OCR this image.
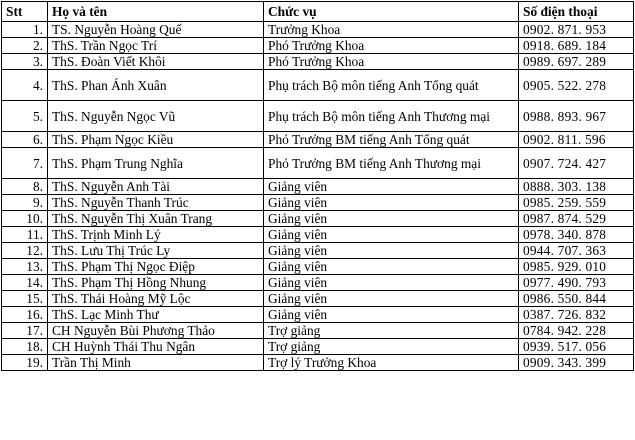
Stt	Họ và tên	Chức vụ	Số điện thoại
1.	TS. Nguyễn Hoàng Quế	Trưởng Khoa	0902. 871. 953
2.	ThS. Trần Ngọc Trí	Phó Trưởng Khoa	0918. 689. 184
3.	ThS. Đoàn Viết Khôi	Phó Trưởng Khoa	0989. 697. 289
4.	ThS. Phan Ánh Xuân	Phụ trách Bộ môn tiếng Anh Tổng quát	0905. 522. 278
5.	ThS. Nguyễn Ngọc Vũ	Phụ trách Bộ môn tiếng Anh Thương mại	0988. 893. 967
6.	ThS. Phạm Ngọc Kiều	Phó Trưởng BM tiếng Anh Tổng quát	0902. 811. 596
7.	ThS. Phạm Trung Nghĩa	Phó Trưởng BM tiếng Anh Thương mại	0907. 724. 427
8.	ThS. Nguyễn Anh Tài	Giảng viên	0888. 303. 138
9.	ThS. Nguyễn Thanh Trúc	Giảng viên	0985. 259. 559
10.	ThS. Nguyễn Thị Xuân Trang	Giảng viên	0987. 874. 529
11.	ThS. Trịnh Minh Lý	Giảng viên	0978. 340. 878
12.	ThS. Lưu Thị Trúc Ly	Giảng viên	0944. 707. 363
13.	ThS. Phạm Thị Ngọc Điệp	Giảng viên	0985. 929. 010
14.	ThS. Phạm Thị Hồng Nhung	Giảng viên	0977. 490. 793
15.	ThS. Thái Hoàng Mỹ Lộc	Giảng viên	0986. 550. 844
16.	ThS. Lạc Minh Thư	Giảng viên	0387. 726. 832
17.	CH Nguyễn Bùi Phương Thảo	Trợ giảng	0784. 942. 228
18.	CH Huỳnh Thái Thu Ngân	Trợ giảng	0939. 517. 056
19.	Trần Thị Minh	Trợ lý Trưởng Khoa	0909. 343. 399
